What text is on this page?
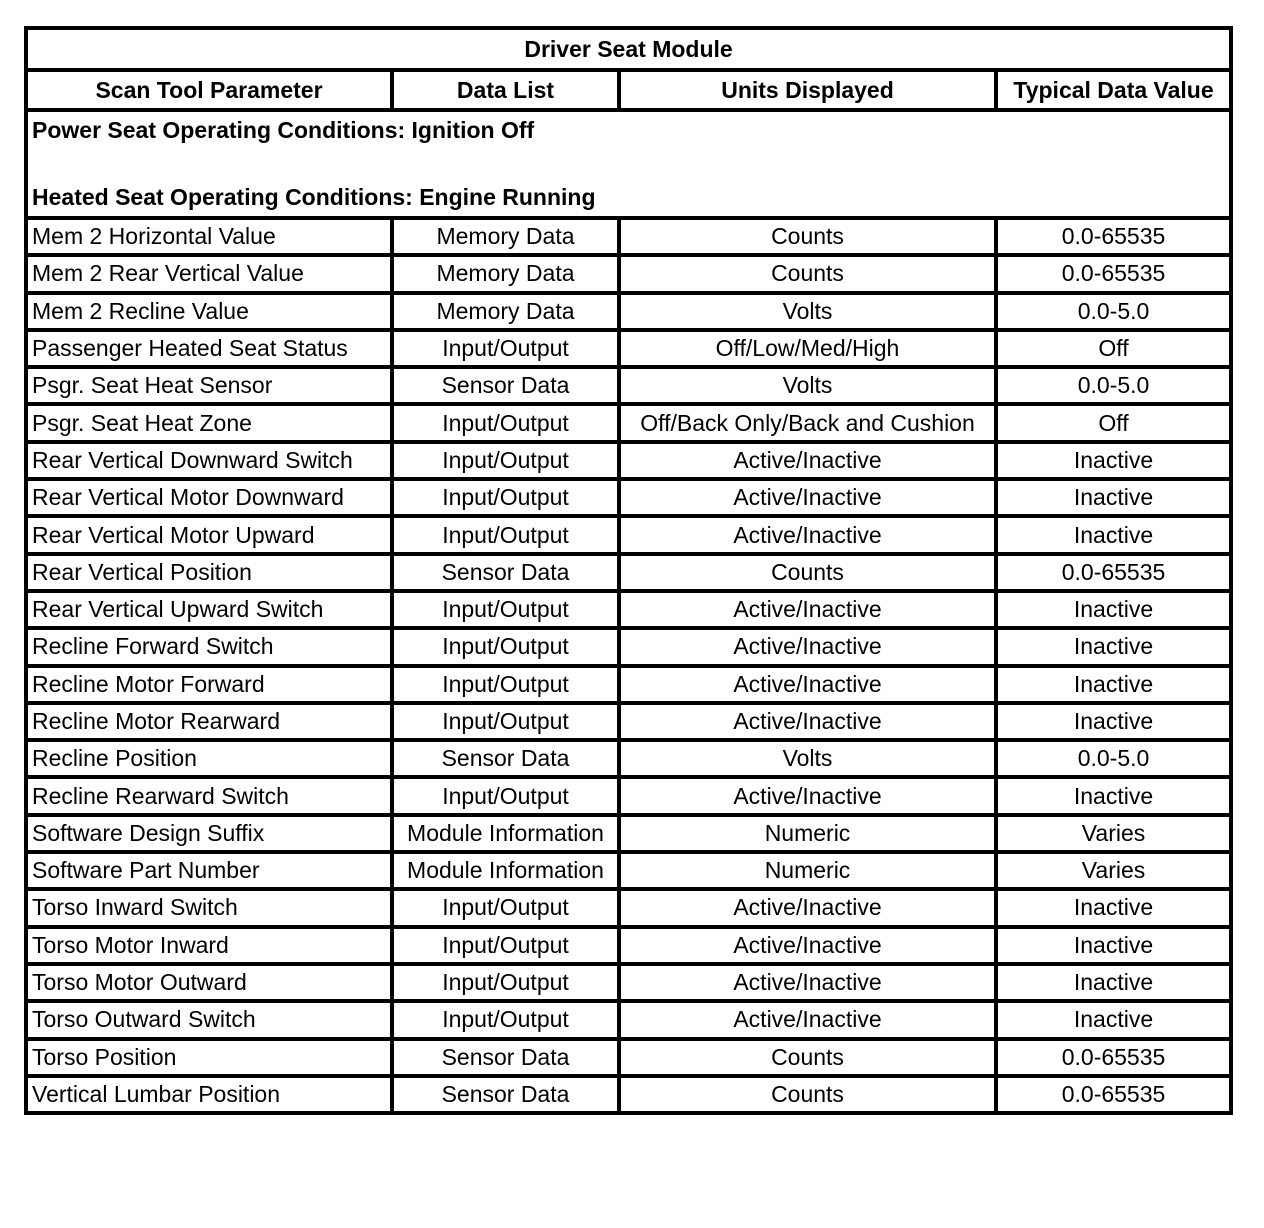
Driver Seat Module			
Scan Tool Parameter	Data List	Units Displayed	Typical Data Value

Power Seat Operating Conditions: Ignition Off
Heated Seat Operating Conditions: Engine Running			

Mem 2 Horizontal Value	Memory Data	Counts	0.0-65535
Mem 2 Rear Vertical Value	Memory Data	Counts	0.0-65535
Mem 2 Recline Value	Memory Data	Volts	0.0-5.0
Passenger Heated Seat Status	Input/Output	Off/Low/Med/High	Off
Psgr. Seat Heat Sensor	Sensor Data	Volts	0.0-5.0
Psgr. Seat Heat Zone	Input/Output	Off/Back Only/Back and Cushion	Off
Rear Vertical Downward Switch	Input/Output	Active/Inactive	Inactive
Rear Vertical Motor Downward	Input/Output	Active/Inactive	Inactive
Rear Vertical Motor Upward	Input/Output	Active/Inactive	Inactive
Rear Vertical Position	Sensor Data	Counts	0.0-65535
Rear Vertical Upward Switch	Input/Output	Active/Inactive	Inactive
Recline Forward Switch	Input/Output	Active/Inactive	Inactive
Recline Motor Forward	Input/Output	Active/Inactive	Inactive
Recline Motor Rearward	Input/Output	Active/Inactive	Inactive
Recline Position	Sensor Data	Volts	0.0-5.0
Recline Rearward Switch	Input/Output	Active/Inactive	Inactive
Software Design Suffix	Module Information	Numeric	Varies
Software Part Number	Module Information	Numeric	Varies
Torso Inward Switch	Input/Output	Active/Inactive	Inactive
Torso Motor Inward	Input/Output	Active/Inactive	Inactive
Torso Motor Outward	Input/Output	Active/Inactive	Inactive
Torso Outward Switch	Input/Output	Active/Inactive	Inactive
Torso Position	Sensor Data	Counts	0.0-65535
Vertical Lumbar Position	Sensor Data	Counts	0.0-65535
